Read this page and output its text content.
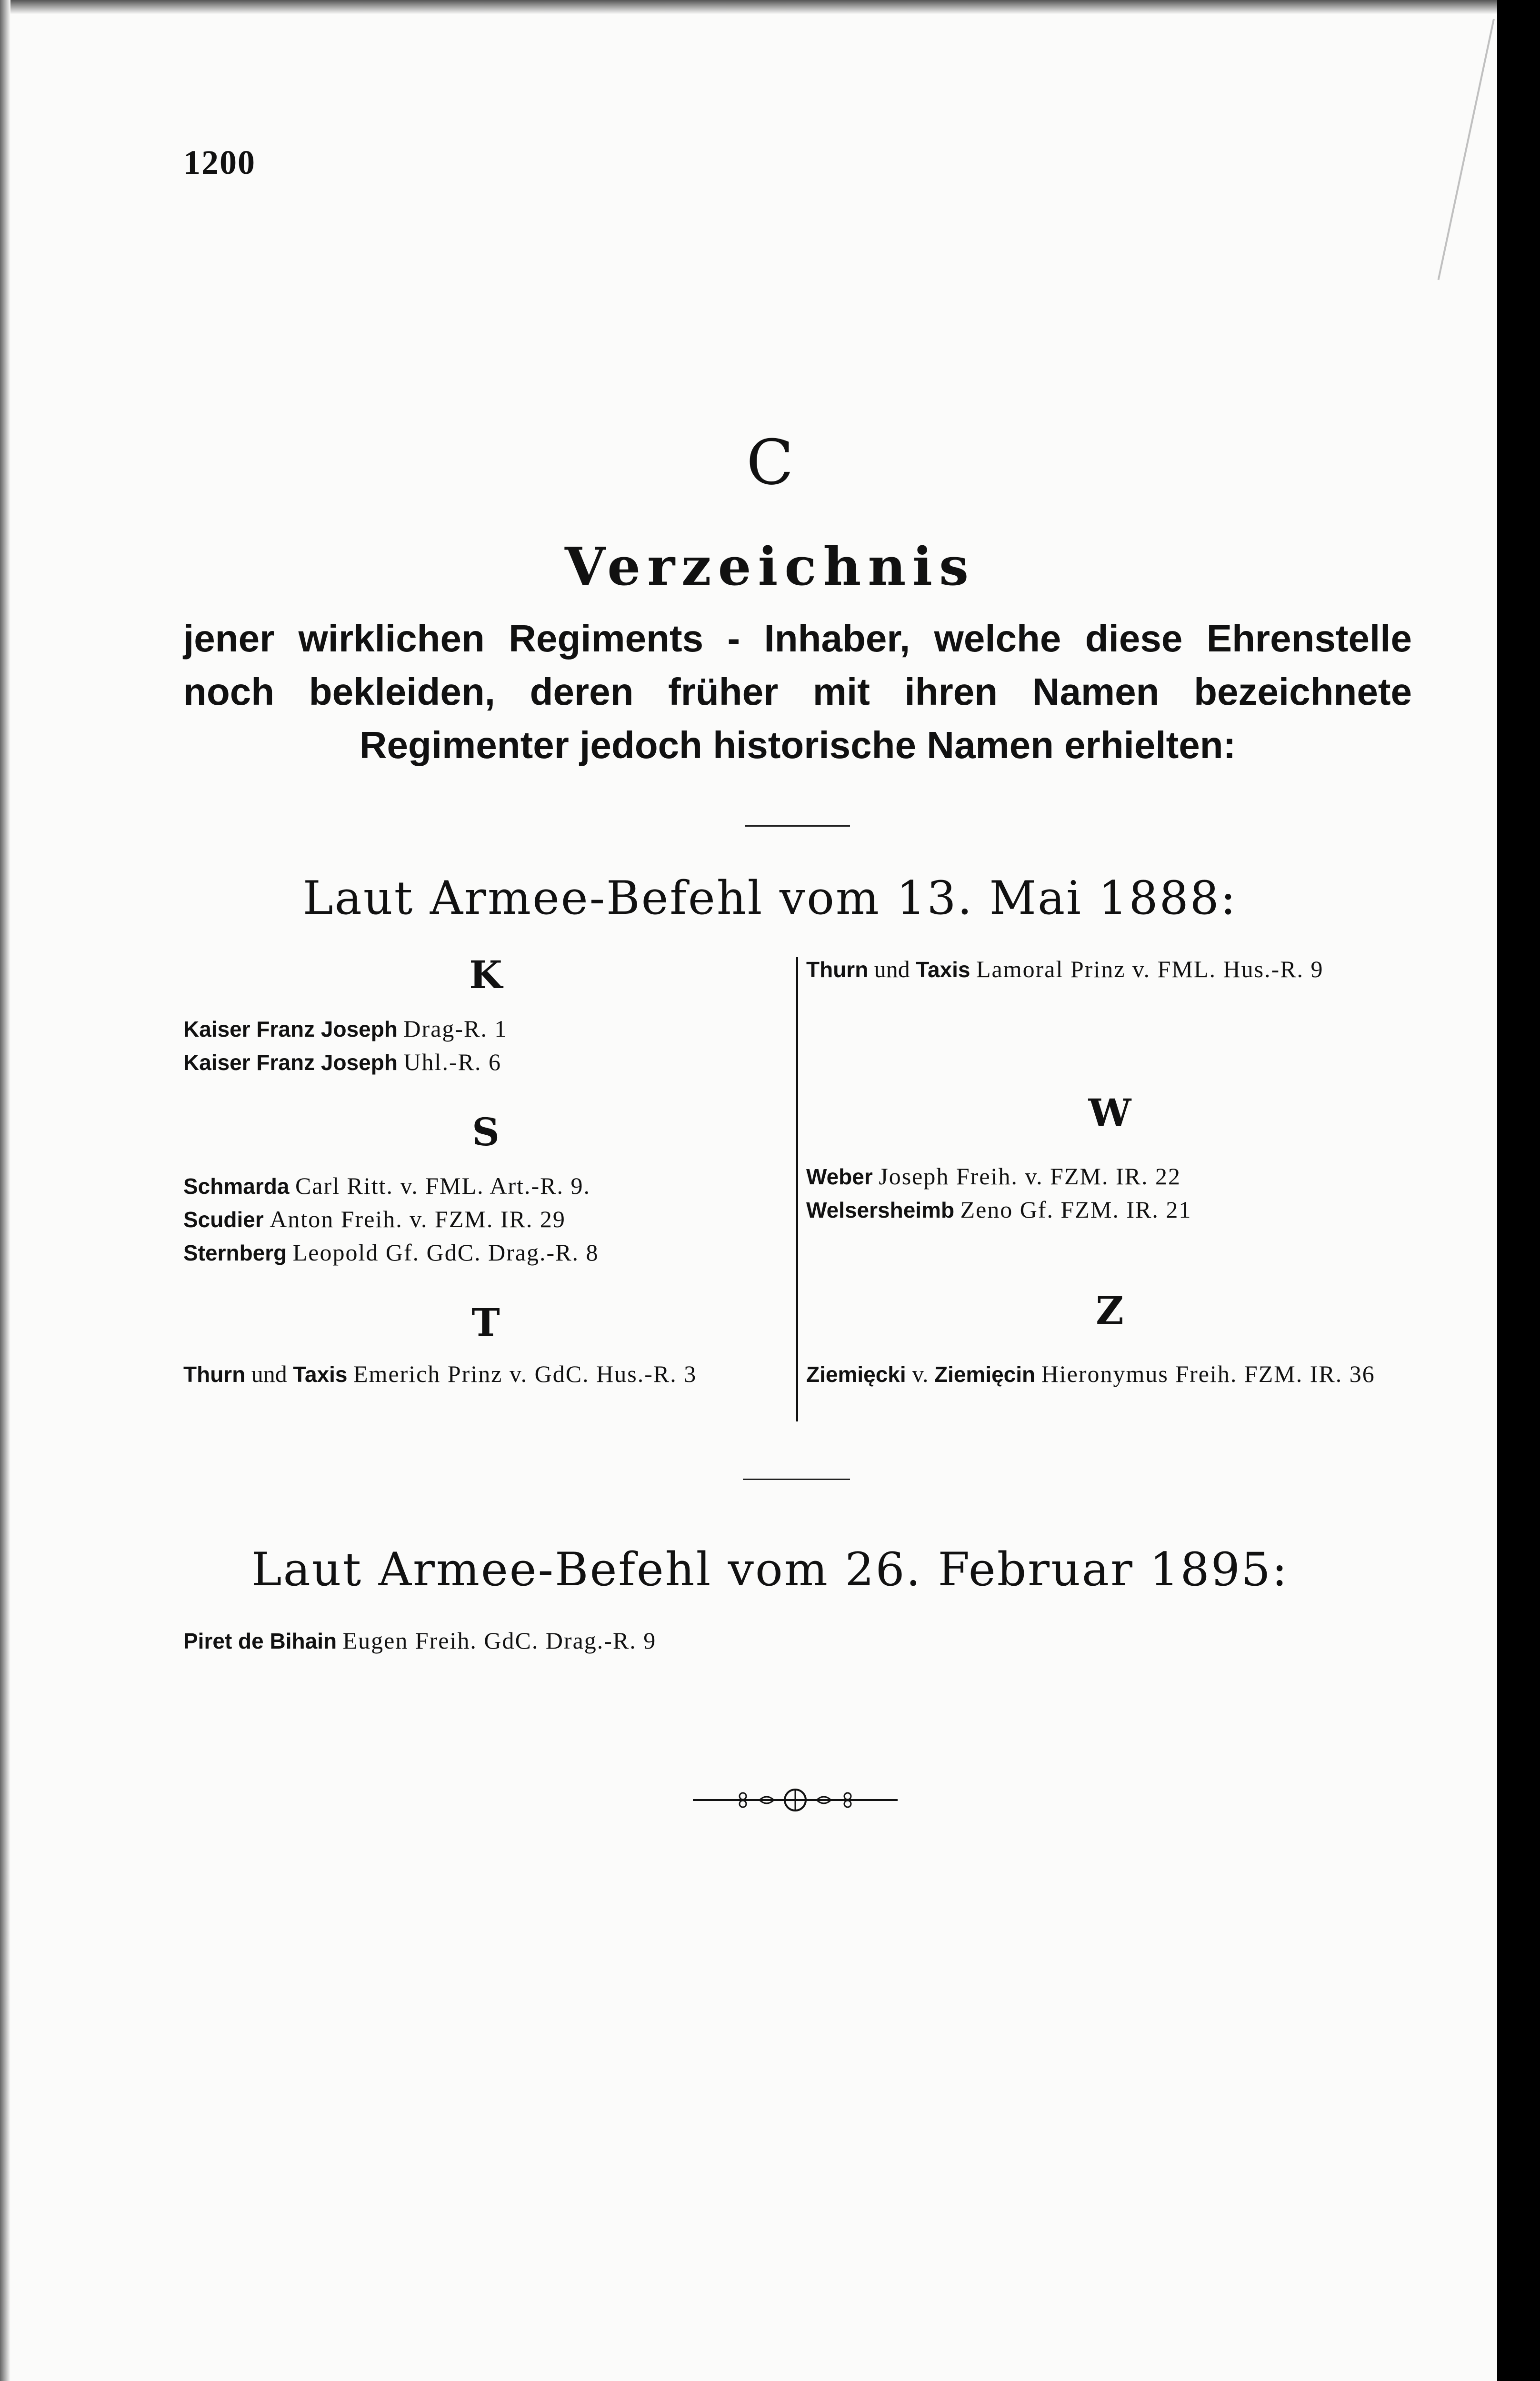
1200
C
Verzeichnis
jener wirklichen Regiments - Inhaber, welche diese Ehrenstelle noch bekleiden, deren früher mit ihren Namen bezeichnete Regimenter jedoch historische Namen erhielten:
Laut Armee-Befehl vom 13. Mai 1888:
K
Kaiser Franz Joseph Drag-R. 1
Kaiser Franz Joseph Uhl.-R. 6
S
Schmarda Carl Ritt. v. FML. Art.-R. 9.
Scudier Anton Freih. v. FZM. IR. 29
Sternberg Leopold Gf. GdC. Drag.-R. 8
T
Thurn und Taxis Emerich Prinz v. GdC. Hus.-R. 3
Thurn und Taxis Lamoral Prinz v. FML. Hus.-R. 9
W
Weber Joseph Freih. v. FZM. IR. 22
Welsersheimb Zeno Gf. FZM. IR. 21
Z
Ziemięcki v. Ziemięcin Hieronymus Freih. FZM. IR. 36
Laut Armee-Befehl vom 26. Februar 1895:
Piret de Bihain Eugen Freih. GdC. Drag.-R. 9
